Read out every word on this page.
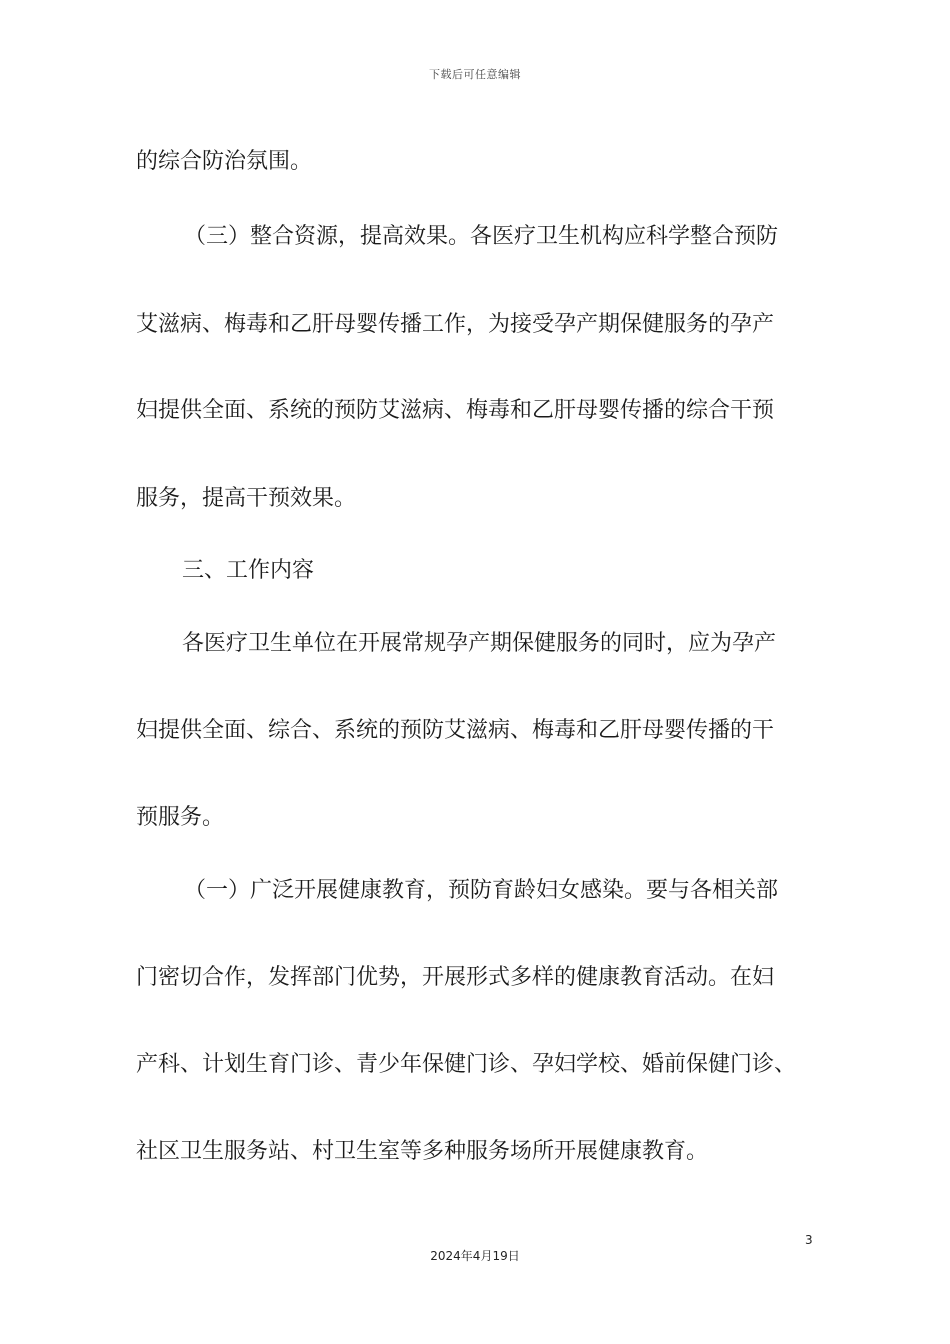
下载后可任意编辑
的综合防治氛围。
（三）整合资源，提高效果。各医疗卫生机构应科学整合预防
艾滋病、梅毒和乙肝母婴传播工作，为接受孕产期保健服务的孕产
妇提供全面、系统的预防艾滋病、梅毒和乙肝母婴传播的综合干预
服务，提高干预效果。
三、工作内容
各医疗卫生单位在开展常规孕产期保健服务的同时，应为孕产
妇提供全面、综合、系统的预防艾滋病、梅毒和乙肝母婴传播的干
预服务。
（一）广泛开展健康教育，预防育龄妇女感染。要与各相关部
门密切合作，发挥部门优势，开展形式多样的健康教育活动。在妇
产科、计划生育门诊、青少年保健门诊、孕妇学校、婚前保健门诊、
社区卫生服务站、村卫生室等多种服务场所开展健康教育。
3
2024年4月19日
